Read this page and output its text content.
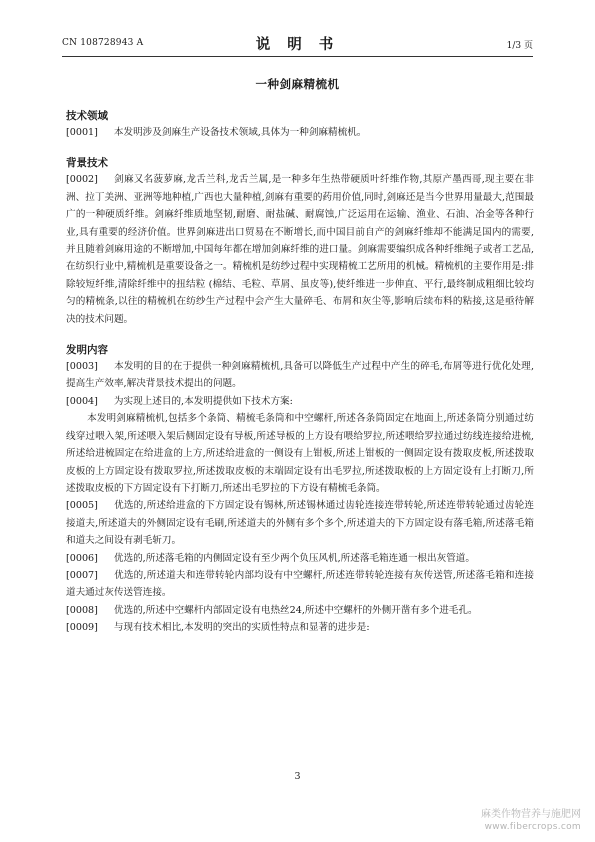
CN 108728943 A	说 明 书	1/3 页
一种剑麻精梳机
技术领域

[0001] 本发明涉及剑麻生产设备技术领域,具体为一种剑麻精梳机。

背景技术

[0002] 剑麻又名菠萝麻,龙舌兰科,龙舌兰属,是一种多年生热带硬质叶纤维作物,其原产墨西哥,现主要在非洲、拉丁美洲、亚洲等地种植,广西也大量种植,剑麻有重要的药用价值,同时,剑麻还是当今世界用量最大,范围最广的一种硬质纤维。剑麻纤维质地坚韧,耐磨、耐盐碱、耐腐蚀,广泛运用在运输、渔业、石油、冶金等各种行业,具有重要的经济价值。世界剑麻进出口贸易在不断增长,而中国目前自产的剑麻纤维却不能满足国内的需要,并且随着剑麻用途的不断增加,中国每年都在增加剑麻纤维的进口量。剑麻需要编织成各种纤维绳子或者工艺品,在纺织行业中,精梳机是重要设备之一。精梳机是纺纱过程中实现精梳工艺所用的机械。精梳机的主要作用是:排除较短纤维,清除纤维中的扭结粒 (棉结、毛粒、草屑、虽皮等),使纤维进一步伸直、平行,最终制成粗细比较均匀的精梳条,以往的精梳机在纺纱生产过程中会产生大量碎毛、布屑和灰尘等,影响后续布料的粘接,这是亟待解决的技术问题。

发明内容

[0003] 本发明的目的在于提供一种剑麻精梳机,具备可以降低生产过程中产生的碎毛,布屑等进行优化处理,提高生产效率,解决背景技术提出的问题。

[0004] 为实现上述目的,本发明提供如下技术方案:

本发明剑麻精梳机,包括多个条筒、精梳毛条筒和中空螺杆,所述各条筒固定在地面上,所述条筒分别通过纺线穿过喂入架,所述喂入架后侧固定设有导板,所述导板的上方设有喂给罗拉,所述喂给罗拉通过纺线连接给进梳,所述给进梳固定在给进盒的上方,所述给进盒的一侧设有上钳板,所述上钳板的一侧固定设有拨取皮板,所述拨取皮板的上方固定设有拨取罗拉,所述拨取皮板的末端固定设有出毛罗拉,所述拨取板的上方固定设有上打断刀,所述拨取皮板的下方固定设有下打断刀,所述出毛罗拉的下方设有精梳毛条筒。

[0005] 优选的,所述给进盒的下方固定设有锡林,所述锡林通过齿轮连接连带转轮,所述连带转轮通过齿轮连接道夫,所述道夫的外侧固定设有毛刷,所述道夫的外侧有多个多个,所述道夫的下方固定设有落毛箱,所述落毛箱和道夫之间设有剥毛斩刀。

[0006] 优选的,所述落毛箱的内侧固定设有至少两个负压风机,所述落毛箱连通一根出灰管道。

[0007] 优选的,所述道夫和连带转轮内部均设有中空螺杆,所述连带转轮连接有灰传送管,所述落毛箱和连接道夫通过灰传送管连接。

[0008] 优选的,所述中空螺杆内部固定设有电热丝24,所述中空螺杆的外侧开凿有多个进毛孔。

[0009] 与现有技术相比,本发明的突出的实质性特点和显著的进步是:

3
麻类作物营养与施肥网
www.fibercrops.com
